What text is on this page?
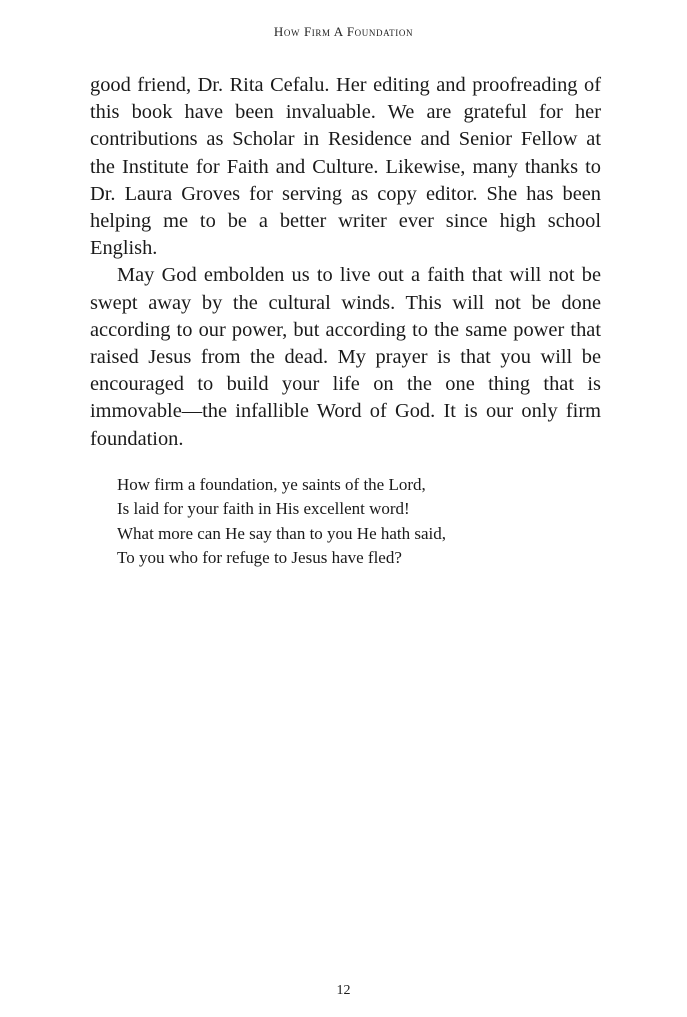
How Firm A Foundation

good friend, Dr. Rita Cefalu. Her editing and proofreading of this book have been invaluable. We are grateful for her contributions as Scholar in Residence and Senior Fellow at the Institute for Faith and Culture. Likewise, many thanks to Dr. Laura Groves for serving as copy editor. She has been helping me to be a better writer ever since high school English.

May God embolden us to live out a faith that will not be swept away by the cultural winds. This will not be done according to our power, but according to the same power that raised Jesus from the dead. My prayer is that you will be encouraged to build your life on the one thing that is immovable—the infallible Word of God. It is our only firm foundation.

How firm a foundation, ye saints of the Lord,
Is laid for your faith in His excellent word!
What more can He say than to you He hath said,
To you who for refuge to Jesus have fled?
12
